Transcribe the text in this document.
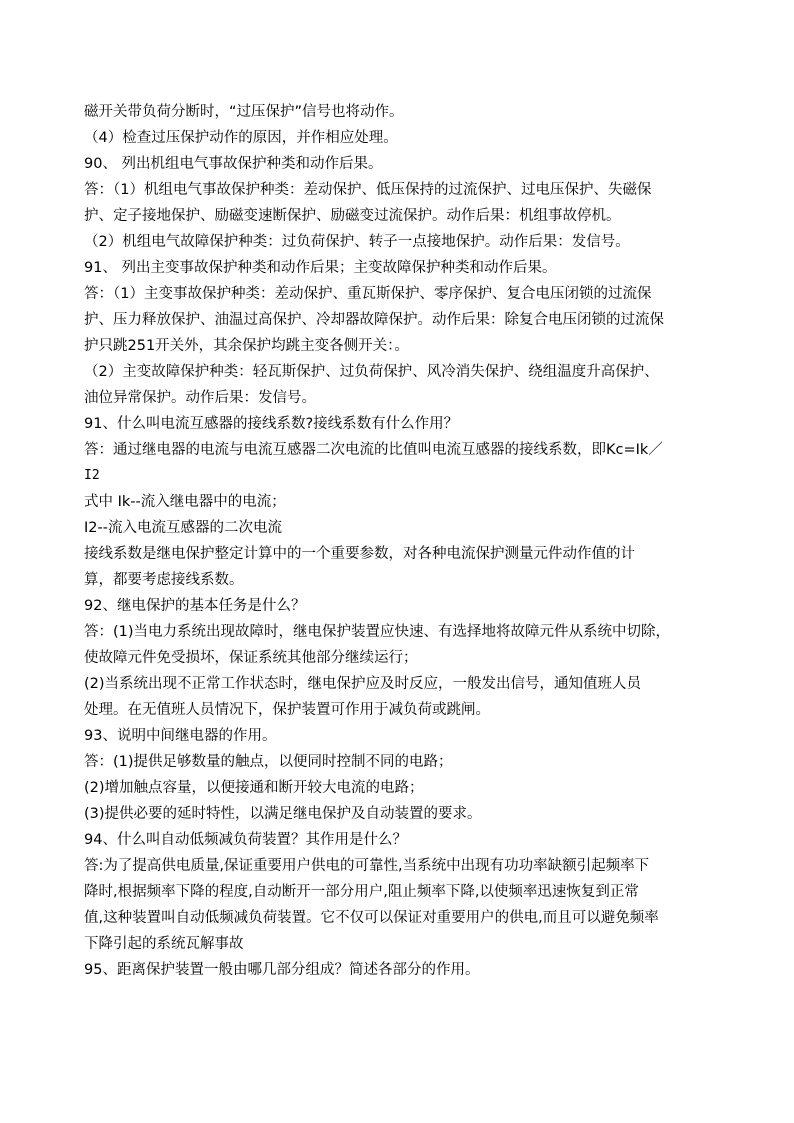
磁开关带负荷分断时，“过压保护”信号也将动作。
（4）检查过压保护动作的原因，并作相应处理。
90、 列出机组电气事故保护种类和动作后果。
答：（1）机组电气事故保护种类：差动保护、低压保持的过流保护、过电压保护、失磁保
护、定子接地保护、励磁变速断保护、励磁变过流保护。动作后果：机组事故停机。
（2）机组电气故障保护种类：过负荷保护、转子一点接地保护。动作后果：发信号。
91、 列出主变事故保护种类和动作后果；主变故障保护种类和动作后果。
答：（1）主变事故保护种类：差动保护、重瓦斯保护、零序保护、复合电压闭锁的过流保
护、压力释放保护、油温过高保护、冷却器故障保护。动作后果：除复合电压闭锁的过流保
护只跳251开关外，其余保护均跳主变各侧开关：。
（2）主变故障保护种类：轻瓦斯保护、过负荷保护、风冷消失保护、绕组温度升高保护、
油位异常保护。动作后果：发信号。
91、什么叫电流互感器的接线系数?接线系数有什么作用？
答：通过继电器的电流与电流互感器二次电流的比值叫电流互感器的接线系数，即Kc=Ik／
I2
式中 Ik--流入继电器中的电流；
I2--流入电流互感器的二次电流
接线系数是继电保护整定计算中的一个重要参数，对各种电流保护测量元件动作值的计
算，都要考虑接线系数。
92、继电保护的基本任务是什么？
答：(1)当电力系统出现故障时，继电保护装置应快速、有选择地将故障元件从系统中切除，
使故障元件免受损坏，保证系统其他部分继续运行；
(2)当系统出现不正常工作状态时，继电保护应及时反应，一般发出信号，通知值班人员
处理。在无值班人员情况下，保护装置可作用于减负荷或跳闸。
93、说明中间继电器的作用。
答：(1)提供足够数量的触点，以便同时控制不同的电路；
(2)增加触点容量，以便接通和断开较大电流的电路；
(3)提供必要的延时特性，以满足继电保护及自动装置的要求。
94、什么叫自动低频减负荷装置？其作用是什么？
答:为了提高供电质量,保证重要用户供电的可靠性,当系统中出现有功功率缺额引起频率下
降时,根据频率下降的程度,自动断开一部分用户,阻止频率下降,以使频率迅速恢复到正常
值,这种装置叫自动低频减负荷装置。它不仅可以保证对重要用户的供电,而且可以避免频率
下降引起的系统瓦解事故
95、距离保护装置一般由哪几部分组成？简述各部分的作用。
